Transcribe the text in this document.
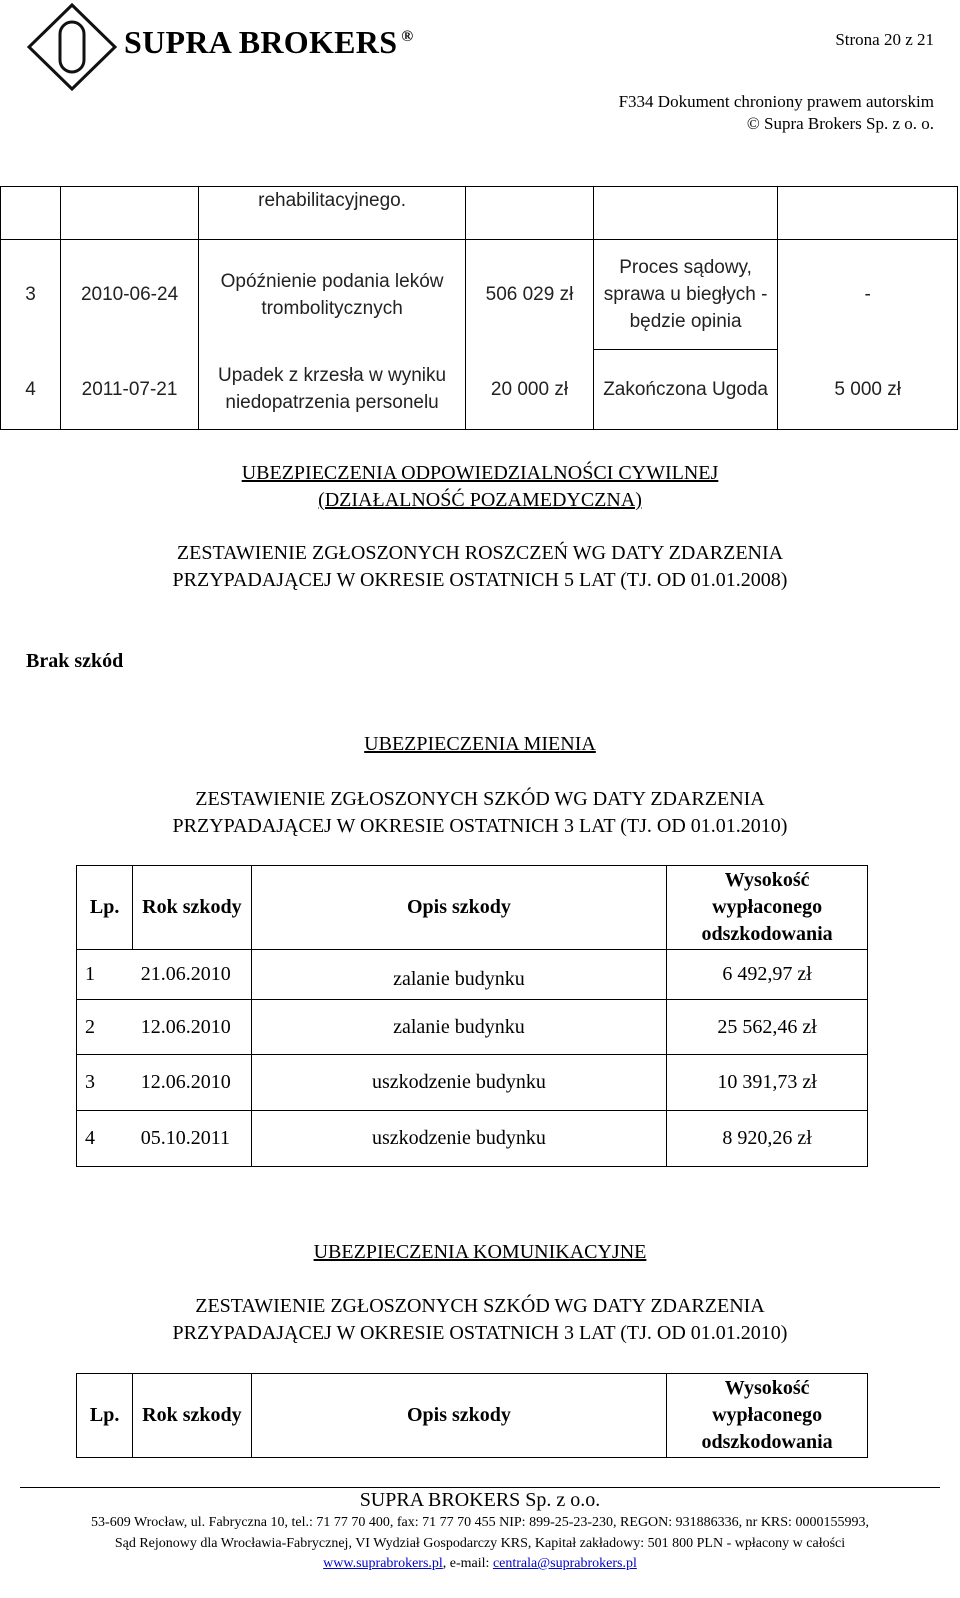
SUPRA BROKERS ®	Strona 20 z 21
F334 Dokument chroniony prawem autorskim
© Supra Brokers Sp. z o. o.
		rehabilitacyjnego.			
3	2010-06-24	Opóźnienie podania leków trombolitycznych	506 029 zł	Proces sądowy, sprawa u biegłych - będzie opinia	-
4	2011-07-21	Upadek z krzesła w wyniku niedopatrzenia personelu	20 000 zł	Zakończona Ugoda	5 000 zł
UBEZPIECZENIA ODPOWIEDZIALNOŚCI CYWILNEJ
(DZIAŁALNOŚĆ POZAMEDYCZNA)
ZESTAWIENIE ZGŁOSZONYCH ROSZCZEŃ WG DATY ZDARZENIA
PRZYPADAJĄCEJ W OKRESIE OSTATNICH 5 LAT (TJ. OD 01.01.2008)
Brak szkód
UBEZPIECZENIA MIENIA
ZESTAWIENIE ZGŁOSZONYCH SZKÓD WG DATY ZDARZENIA
PRZYPADAJĄCEJ W OKRESIE OSTATNICH 3 LAT (TJ. OD 01.01.2010)
Lp.	Rok szkody	Opis szkody	Wysokość wypłaconego odszkodowania
1	21.06.2010	zalanie budynku	6 492,97 zł
2	12.06.2010	zalanie budynku	25 562,46 zł
3	12.06.2010	uszkodzenie budynku	10 391,73 zł
4	05.10.2011	uszkodzenie budynku	8 920,26 zł
UBEZPIECZENIA KOMUNIKACYJNE
ZESTAWIENIE ZGŁOSZONYCH SZKÓD WG DATY ZDARZENIA
PRZYPADAJĄCEJ W OKRESIE OSTATNICH 3 LAT (TJ. OD 01.01.2010)
Lp.	Rok szkody	Opis szkody	Wysokość wypłaconego odszkodowania
SUPRA BROKERS Sp. z o.o.
53-609 Wrocław, ul. Fabryczna 10, tel.: 71 77 70 400, fax: 71 77 70 455 NIP: 899-25-23-230, REGON: 931886336, nr KRS: 0000155993,
Sąd Rejonowy dla Wrocławia-Fabrycznej, VI Wydział Gospodarczy KRS, Kapitał zakładowy: 501 800 PLN - wpłacony w całości
www.suprabrokers.pl, e-mail: centrala@suprabrokers.pl
